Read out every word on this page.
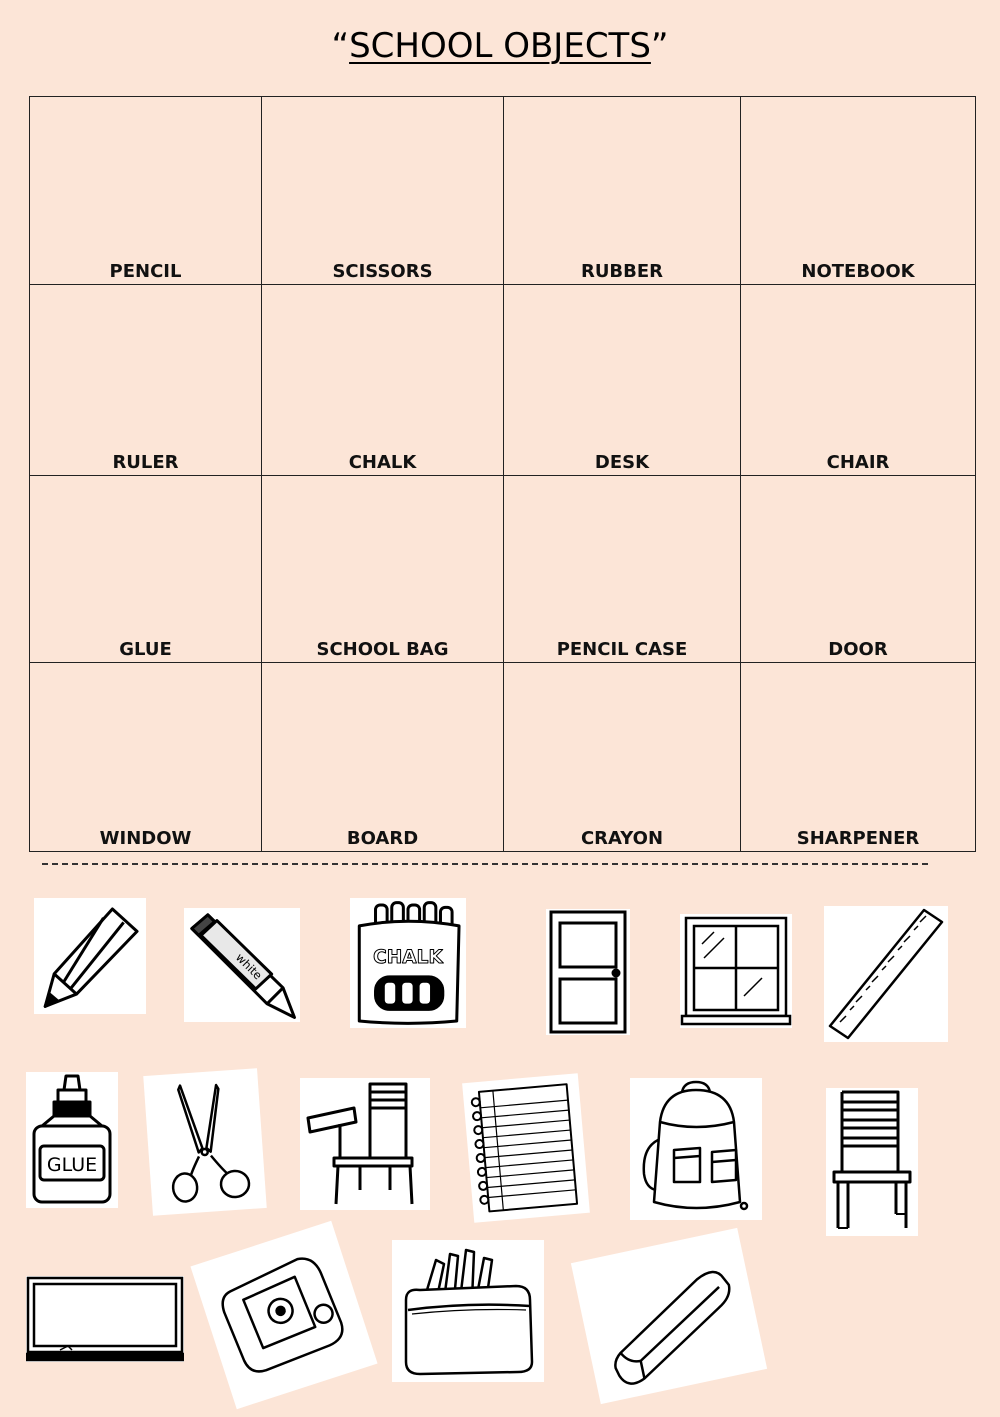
“SCHOOL OBJECTS”
PENCIL	SCISSORS	RUBBER	NOTEBOOK
RULER	CHALK	DESK	CHAIR
GLUE	SCHOOL BAG	PENCIL CASE	DOOR
WINDOW	BOARD	CRAYON	SHARPENER
white	CHALK
GLUE
